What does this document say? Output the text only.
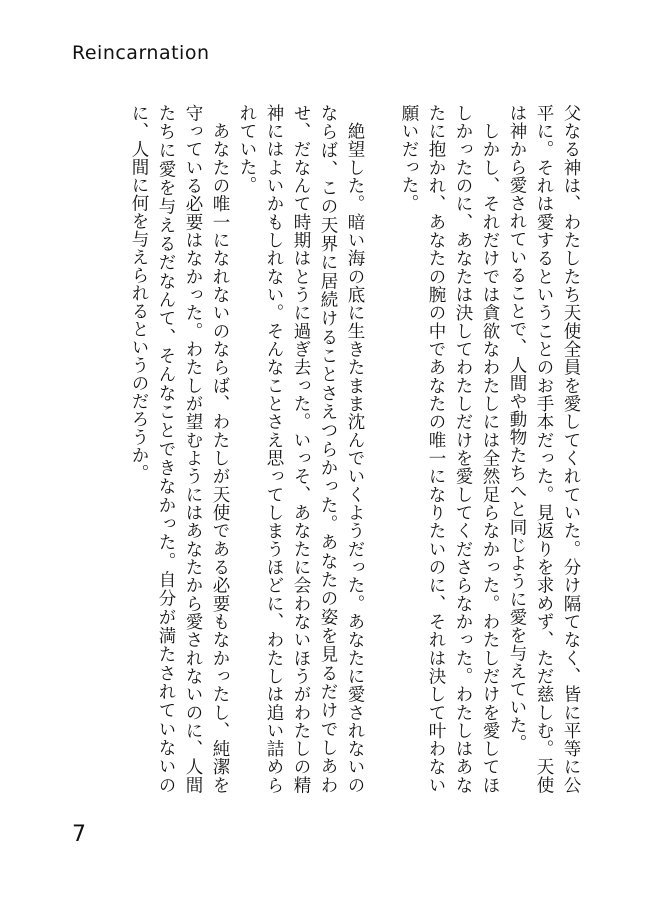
Reincarnation

父なる神は、わたしたち天使全員を愛してくれていた。分け隔てなく、皆に平等に公平に。それは愛するということのお手本だった。見返りを求めず、ただ慈しむ。天使は神から愛されていることで、人間や動物たちへと同じように愛を与えていた。

　しかし、それだけでは貪欲なわたしには全然足らなかった。わたしだけを愛してほしかったのに、あなたは決してわたしだけを愛してくださらなかった。わたしはあなたに抱かれ、あなたの腕の中であなたの唯一になりたいのに、それは決して叶わない願いだった。

　絶望した。暗い海の底に生きたまま沈んでいくようだった。あなたに愛されないのならば、この天界に居続けることさえつらかった。あなたの姿を見るだけでしあわせ、だなんて時期はとうに過ぎ去った。いっそ、あなたに会わないほうがわたしの精神にはよいかもしれない。そんなことさえ思ってしまうほどに、わたしは追い詰められていた。

　あなたの唯一になれないのならば、わたしが天使である必要もなかったし、純潔を守っている必要はなかった。わたしが望むようにはあなたから愛されないのに、人間たちに愛を与えるだなんて、そんなことできなかった。自分が満たされていないのに、人間に何を与えられるというのだろうか。

7
